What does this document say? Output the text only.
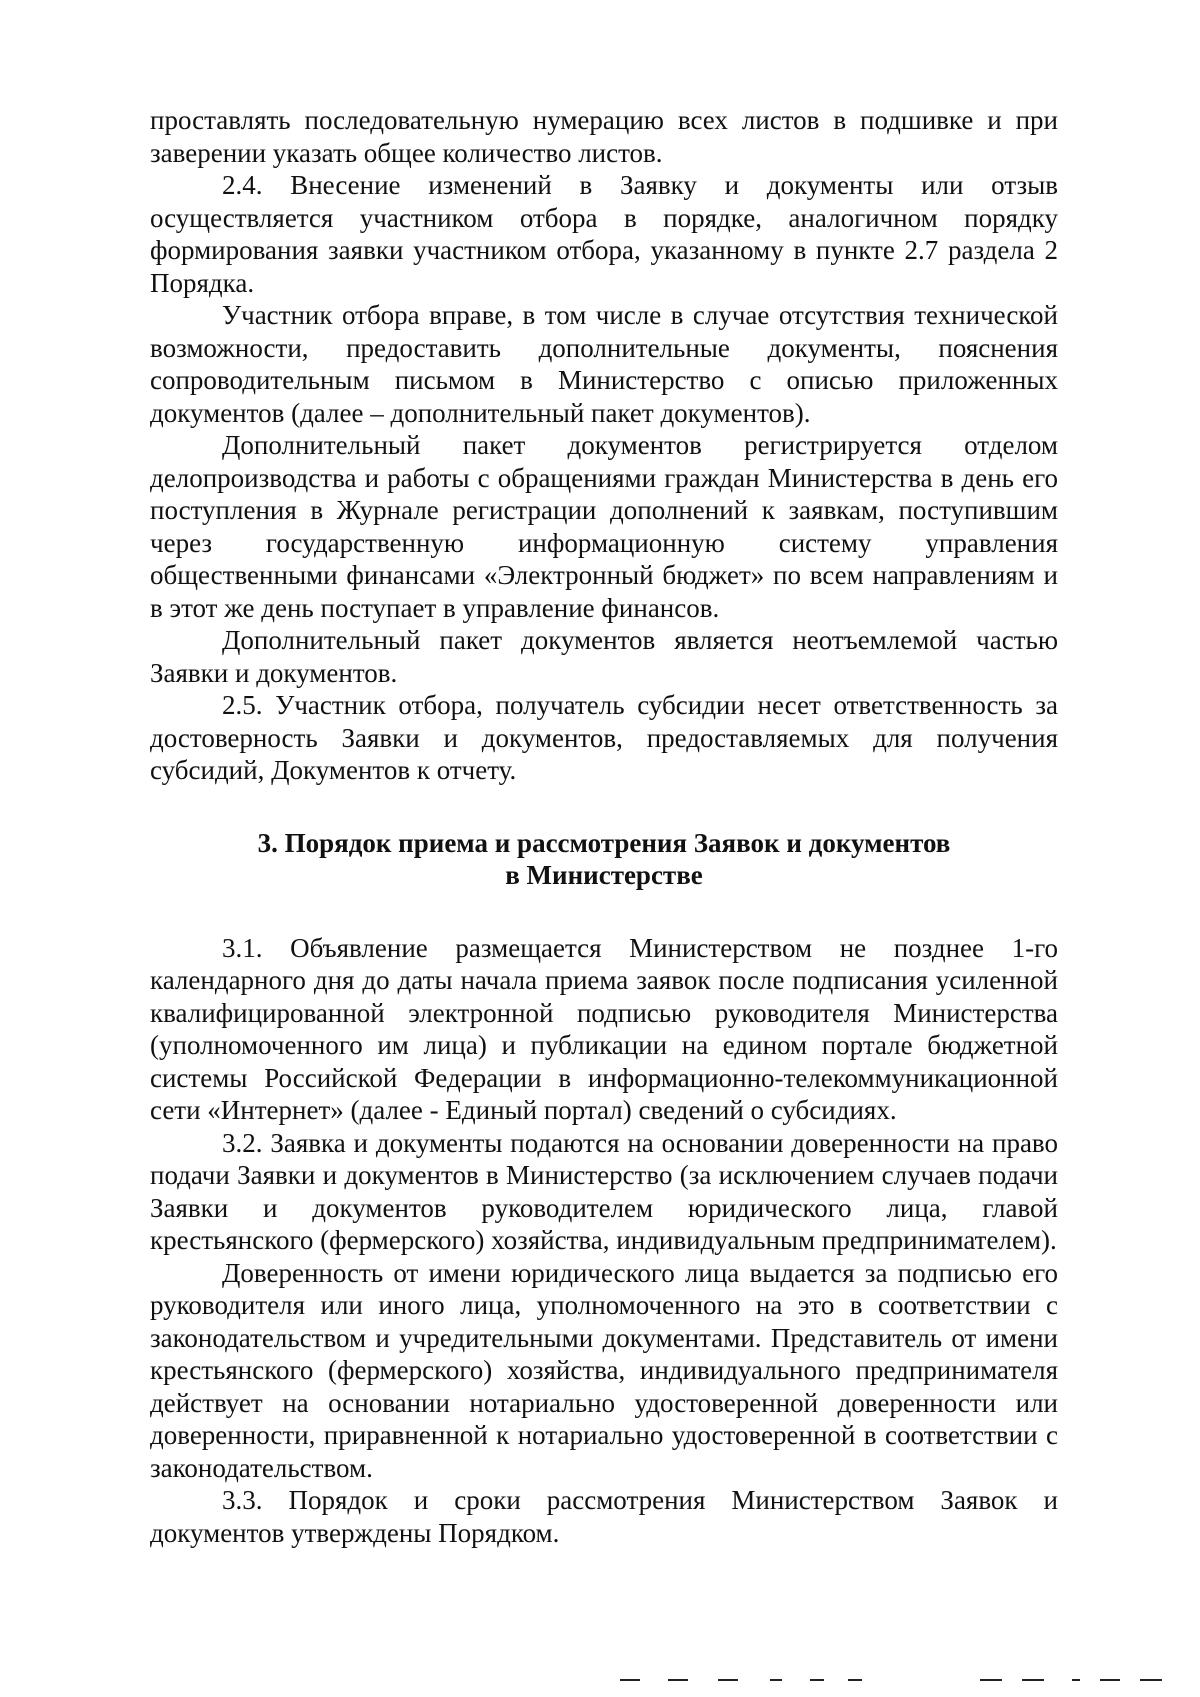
проставлять последовательную нумерацию всех листов в подшивке и при заверении указать общее количество листов.

2.4. Внесение изменений в Заявку и документы или отзыв осуществляется участником отбора в порядке, аналогичном порядку формирования заявки участником отбора, указанному в пункте 2.7 раздела 2 Порядка.

Участник отбора вправе, в том числе в случае отсутствия технической возможности, предоставить дополнительные документы, пояснения сопроводительным письмом в Министерство с описью приложенных документов (далее – дополнительный пакет документов).

Дополнительный пакет документов регистрируется отделом делопроизводства и работы с обращениями граждан Министерства в день его поступления в Журнале регистрации дополнений к заявкам, поступившим через государственную информационную систему управления общественными финансами «Электронный бюджет» по всем направлениям и в этот же день поступает в управление финансов.

Дополнительный пакет документов является неотъемлемой частью Заявки и документов.

2.5. Участник отбора, получатель субсидии несет ответственность за достоверность Заявки и документов, предоставляемых для получения субсидий, Документов к отчету.

3. Порядок приема и рассмотрения Заявок и документов
в Министерстве

3.1. Объявление размещается Министерством не позднее 1-го календарного дня до даты начала приема заявок после подписания усиленной квалифицированной электронной подписью руководителя Министерства (уполномоченного им лица) и публикации на едином портале бюджетной системы Российской Федерации в информационно-телекоммуникационной сети «Интернет» (далее - Единый портал) сведений о субсидиях.

3.2. Заявка и документы подаются на основании доверенности на право подачи Заявки и документов в Министерство (за исключением случаев подачи Заявки и документов руководителем юридического лица, главой крестьянского (фермерского) хозяйства, индивидуальным предпринимателем).

Доверенность от имени юридического лица выдается за подписью его руководителя или иного лица, уполномоченного на это в соответствии с законодательством и учредительными документами. Представитель от имени крестьянского (фермерского) хозяйства, индивидуального предпринимателя действует на основании нотариально удостоверенной доверенности или доверенности, приравненной к нотариально удостоверенной в соответствии с законодательством.

3.3. Порядок и сроки рассмотрения Министерством Заявок и документов утверждены Порядком.
